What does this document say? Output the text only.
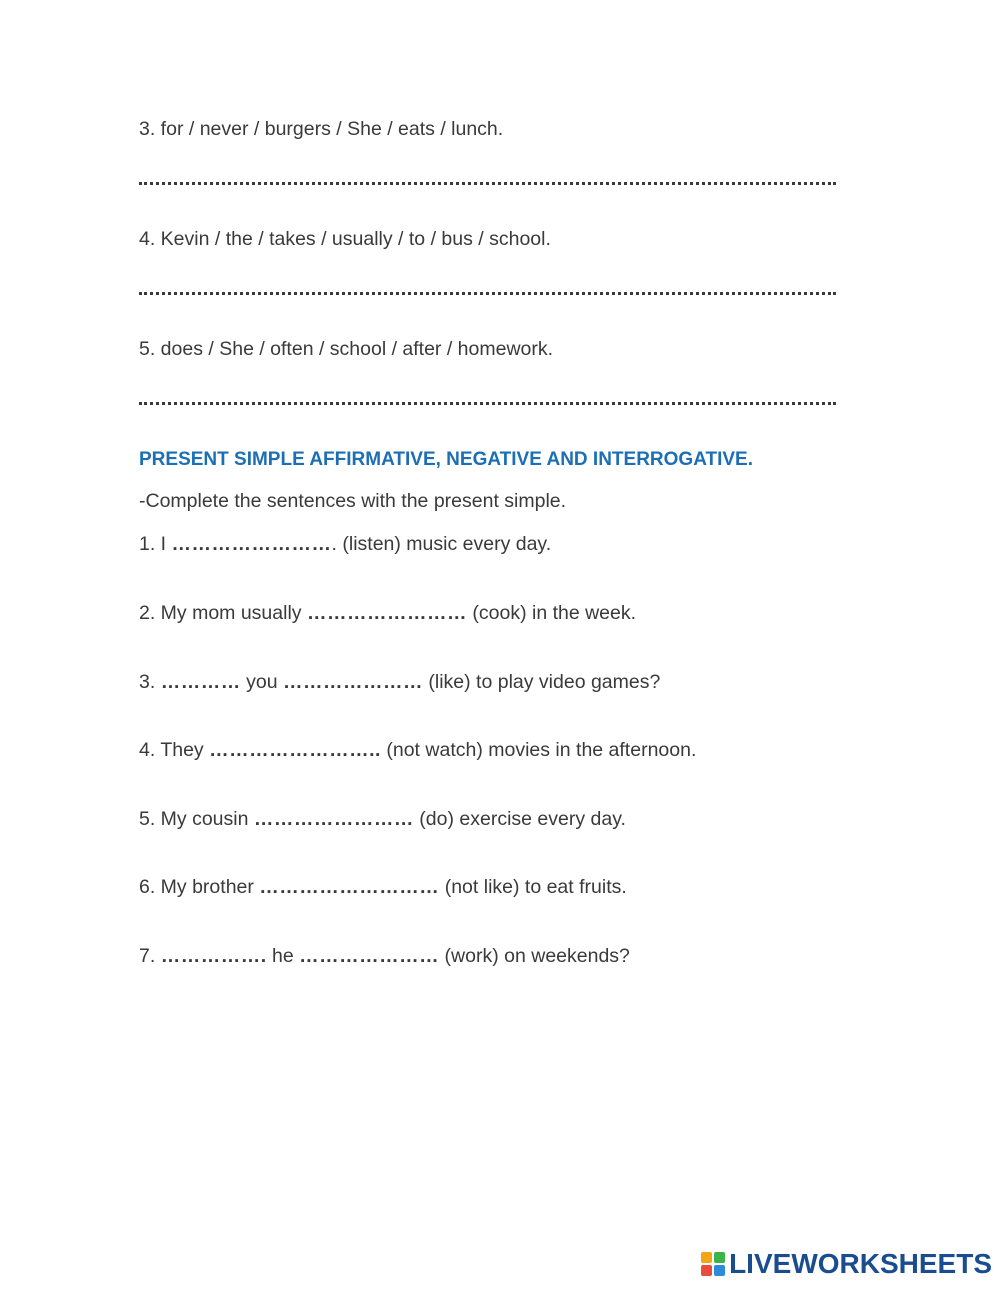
3. for / never / burgers / She / eats / lunch.
4. Kevin / the / takes / usually / to / bus / school.
5. does / She / often / school / after / homework.
PRESENT SIMPLE AFFIRMATIVE, NEGATIVE AND INTERROGATIVE.
-Complete the sentences with the present simple.
1. I ……………………. (listen) music every day.
2. My mom usually …………………… (cook) in the week.
3. ………… you ………………… (like) to play video games?
4. They …………………….. (not watch) movies in the afternoon.
5. My cousin …………………… (do) exercise every day.
6. My brother ……………………… (not like) to eat fruits.
7. ……………. he ………………… (work) on weekends?
LIVEWORKSHEETS
